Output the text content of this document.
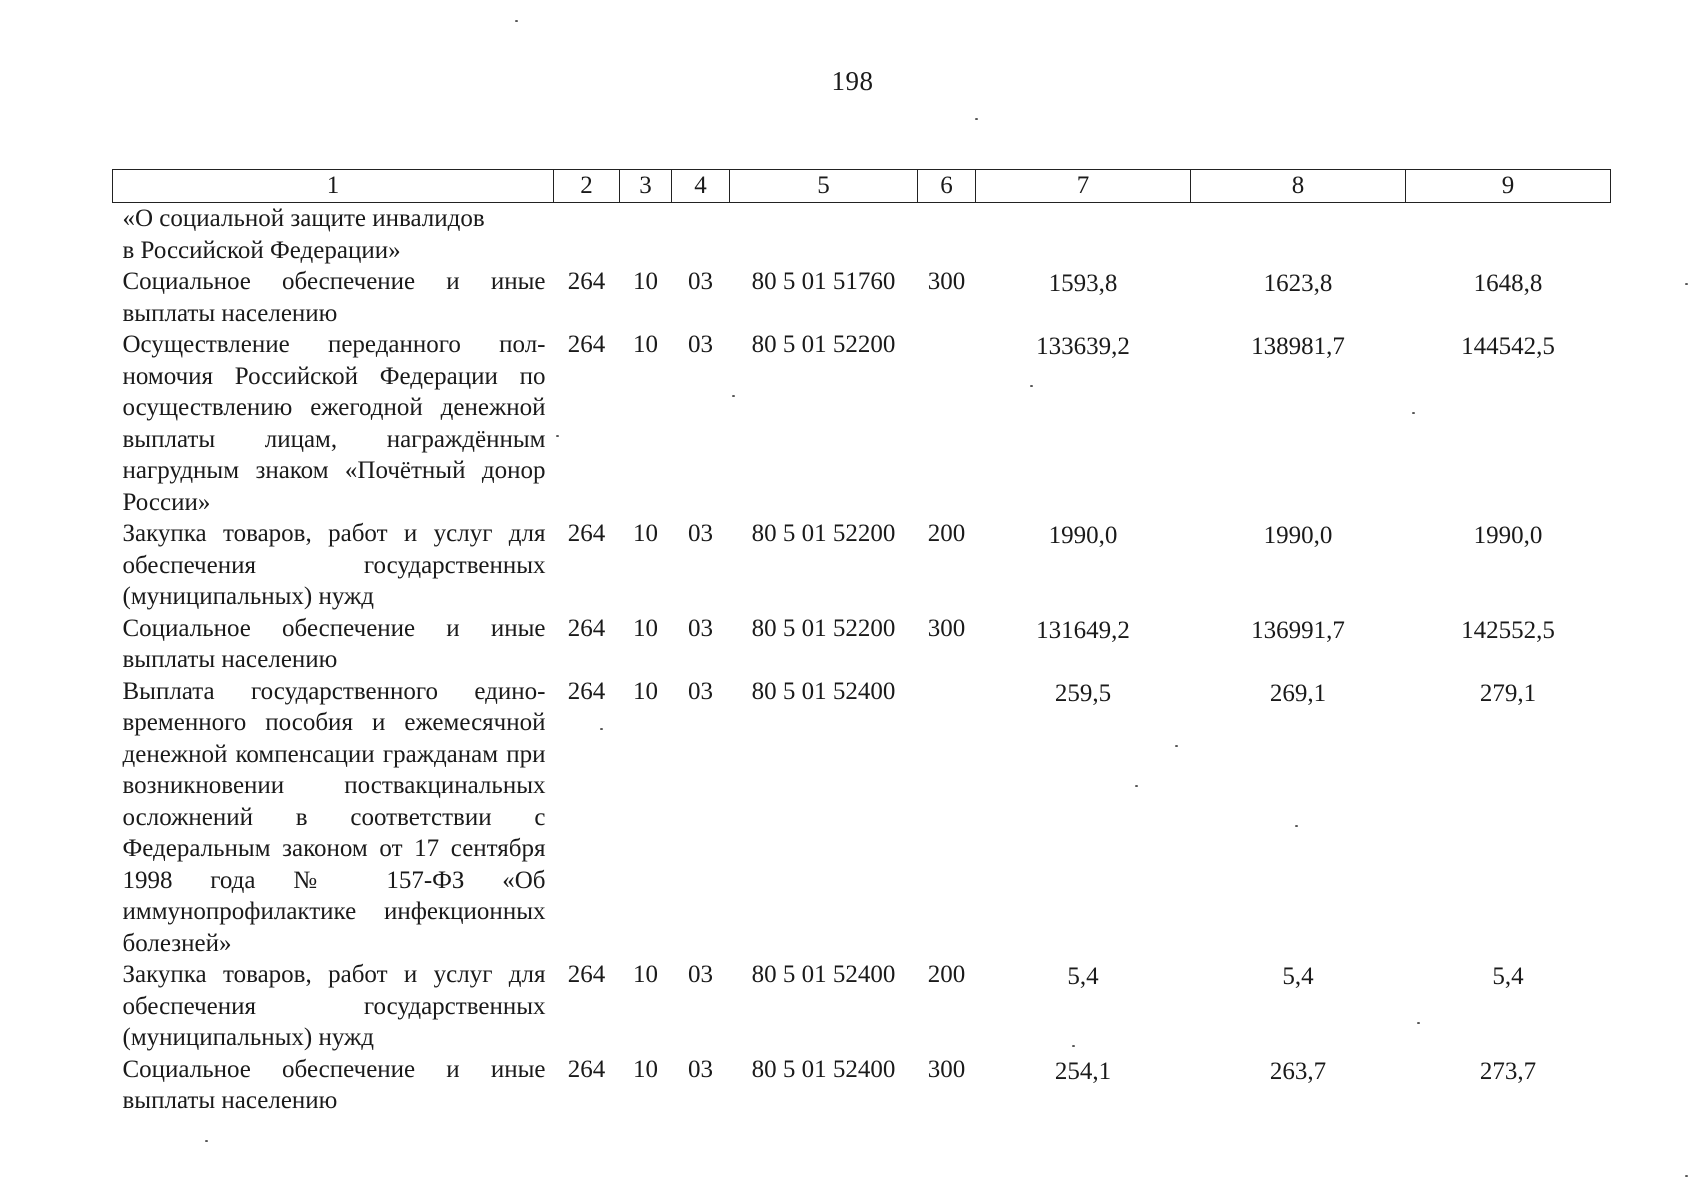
198
1	2	3	4	5	6	7	8	9
«О социальной защите инвалидов
в Российской Федерации»								
Социальное обеспечение и иные выплаты населению	264	10	03	80 5 01 51760	300	1593,8	1623,8	1648,8
Осуществление переданного полномочия Российской Федерации по осуществлению ежегодной денежной выплаты лицам, награждённым нагрудным знаком «Почётный донор России»	264	10	03	80 5 01 52200		133639,2	138981,7	144542,5
Закупка товаров, работ и услуг для обеспечения государственных (муниципальных) нужд	264	10	03	80 5 01 52200	200	1990,0	1990,0	1990,0
Социальное обеспечение и иные выплаты населению	264	10	03	80 5 01 52200	300	131649,2	136991,7	142552,5
Выплата государственного единовременного пособия и ежемесячной денежной компенсации гражданам при возникновении поствакцинальных осложнений в соответствии с Федеральным законом от 17 сентября 1998 года № 157-ФЗ «Об иммунопрофилактике инфекционных болезней»	264	10	03	80 5 01 52400		259,5	269,1	279,1
Закупка товаров, работ и услуг для обеспечения государственных (муниципальных) нужд	264	10	03	80 5 01 52400	200	5,4	5,4	5,4
Социальное обеспечение и иные выплаты населению	264	10	03	80 5 01 52400	300	254,1	263,7	273,7
